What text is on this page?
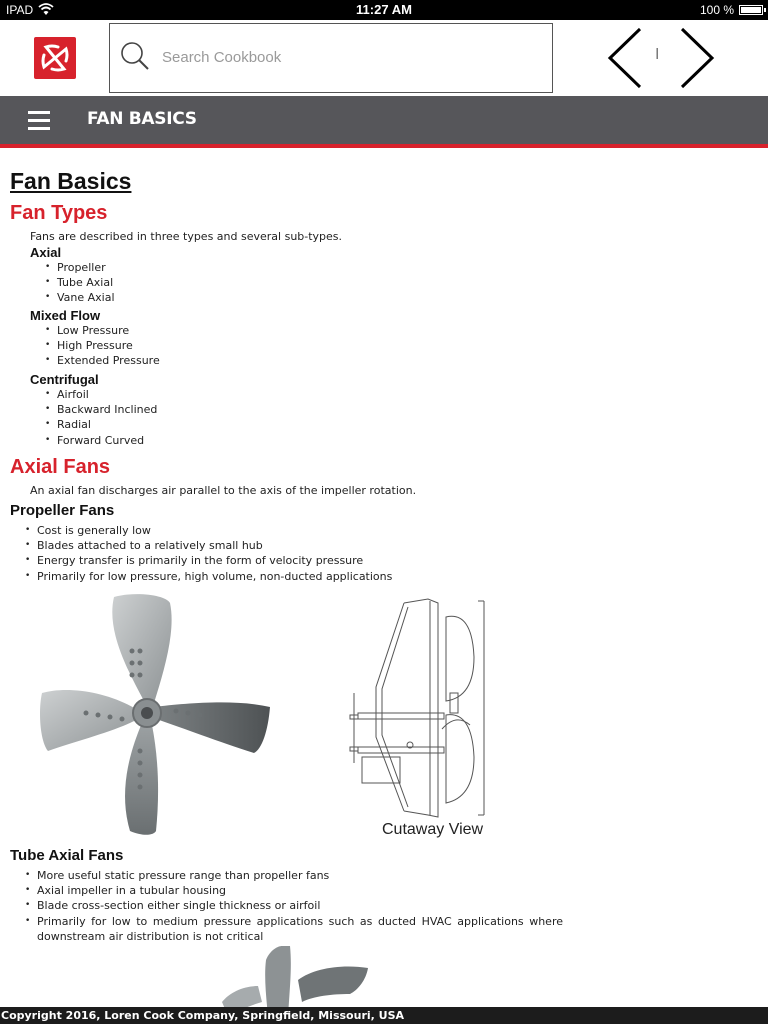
IPAD	11:27 AM	100 %
Search Cookbook
I
FAN BASICS
Fan Basics
Fan Types
Fans are described in three types and several sub-types.
Axial
• Propeller
• Tube Axial
• Vane Axial
Mixed Flow
• Low Pressure
• High Pressure
• Extended Pressure
Centrifugal
• Airfoil
• Backward Inclined
• Radial
• Forward Curved
Axial Fans
An axial fan discharges air parallel to the axis of the impeller rotation.
Propeller Fans
• Cost is generally low
• Blades attached to a relatively small hub
• Energy transfer is primarily in the form of velocity pressure
• Primarily for low pressure, high volume, non-ducted applications
Cutaway View
Tube Axial Fans
• More useful static pressure range than propeller fans
• Axial impeller in a tubular housing
• Blade cross-section either single thickness or airfoil
• Primarily for low to medium pressure applications such as ducted HVAC applications where downstream air distribution is not critical
Copyright 2016, Loren Cook Company, Springfield, Missouri, USA
